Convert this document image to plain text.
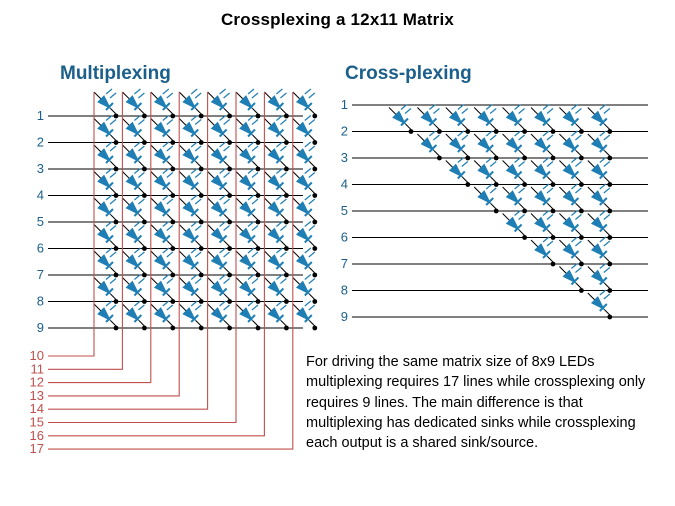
Crossplexing a 12x11 Matrix
Multiplexing	Cross-plexing
1
2
3
4
5
6
7
8
9
10
11
12
13
14
15
16
17
1
2
3
4
5
6
7
8
9
For driving the same matrix size of 8x9 LEDs multiplexing requires 17 lines while crossplexing only requires 9 lines. The main difference is that multiplexing has dedicated sinks while crossplexing each output is a shared sink/source.
